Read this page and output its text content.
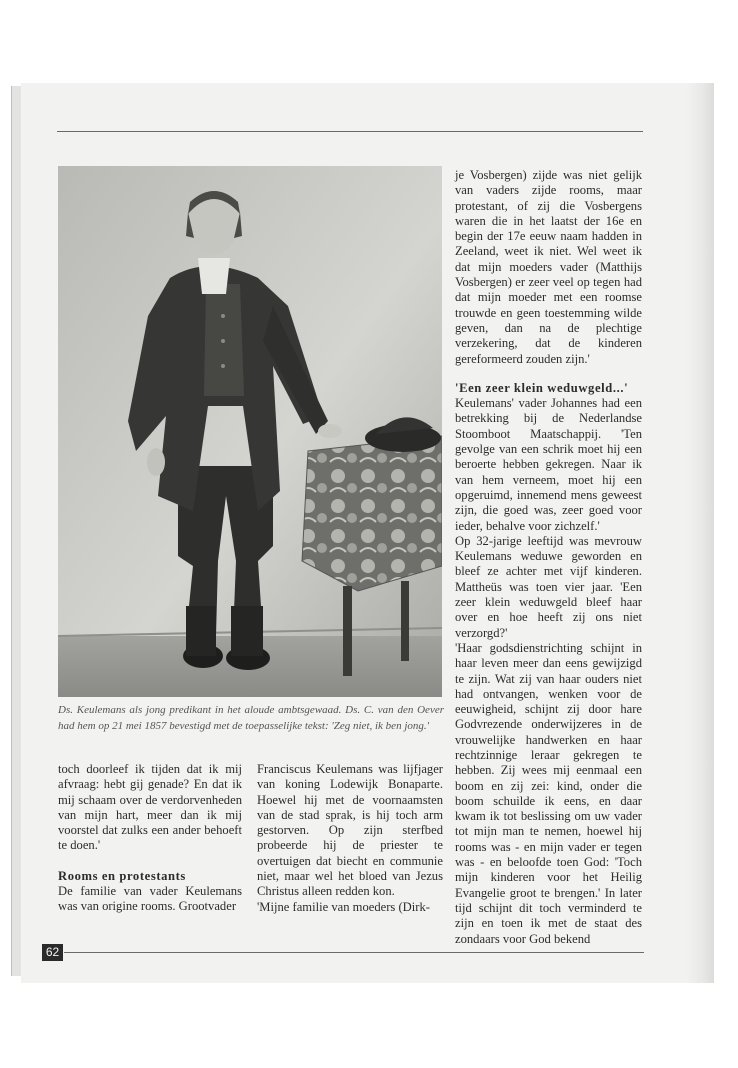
Ds. Keulemans als jong predikant in het aloude ambtsgewaad. Ds. C. van den Oever had hem op 21 mei 1857 bevestigd met de toepasselijke tekst: 'Zeg niet, ik ben jong.'

toch doorleef ik tijden dat ik mij afvraag: hebt gij genade? En dat ik mij schaam over de verdorvenheden van mijn hart, meer dan ik mij voorstel dat zulks een ander behoeft te doen.'

Rooms en protestants

De familie van vader Keulemans was van origine rooms. Grootvader

Franciscus Keulemans was lijfjager van koning Lodewijk Bonaparte. Hoewel hij met de voornaamsten van de stad sprak, is hij toch arm gestorven. Op zijn sterfbed probeerde hij de priester te overtuigen dat biecht en communie niet, maar wel het bloed van Jezus Christus alleen redden kon.

'Mijne familie van moeders (Dirk-

je Vosbergen) zijde was niet gelijk van vaders zijde rooms, maar protestant, of zij die Vosbergens waren die in het laatst der 16e en begin der 17e eeuw naam hadden in Zeeland, weet ik niet. Wel weet ik dat mijn moeders vader (Matthijs Vosbergen) er zeer veel op tegen had dat mijn moeder met een roomse trouwde en geen toestemming wilde geven, dan na de plechtige verzekering, dat de kinderen gereformeerd zouden zijn.'

'Een zeer klein weduwgeld...'

Keulemans' vader Johannes had een betrekking bij de Nederlandse Stoomboot Maatschappij. 'Ten gevolge van een schrik moet hij een beroerte hebben gekregen. Naar ik van hem verneem, moet hij een opgeruimd, innemend mens geweest zijn, die goed was, zeer goed voor ieder, behalve voor zichzelf.'

Op 32-jarige leeftijd was mevrouw Keulemans weduwe geworden en bleef ze achter met vijf kinderen. Mattheüs was toen vier jaar. 'Een zeer klein weduwgeld bleef haar over en hoe heeft zij ons niet verzorgd?'

'Haar godsdienstrichting schijnt in haar leven meer dan eens gewijzigd te zijn. Wat zij van haar ouders niet had ontvangen, wenken voor de eeuwigheid, schijnt zij door hare Godvrezende onderwijzeres in de vrouwelijke handwerken en haar rechtzinnige leraar gekregen te hebben. Zij wees mij eenmaal een boom en zij zei: kind, onder die boom schuilde ik eens, en daar kwam ik tot beslissing om uw vader tot mijn man te nemen, hoewel hij rooms was - en mijn vader er tegen was - en beloofde toen God: 'Toch mijn kinderen voor het Heilig Evangelie groot te brengen.' In later tijd schijnt dit toch verminderd te zijn en toen ik met de staat des zondaars voor God bekend

62
